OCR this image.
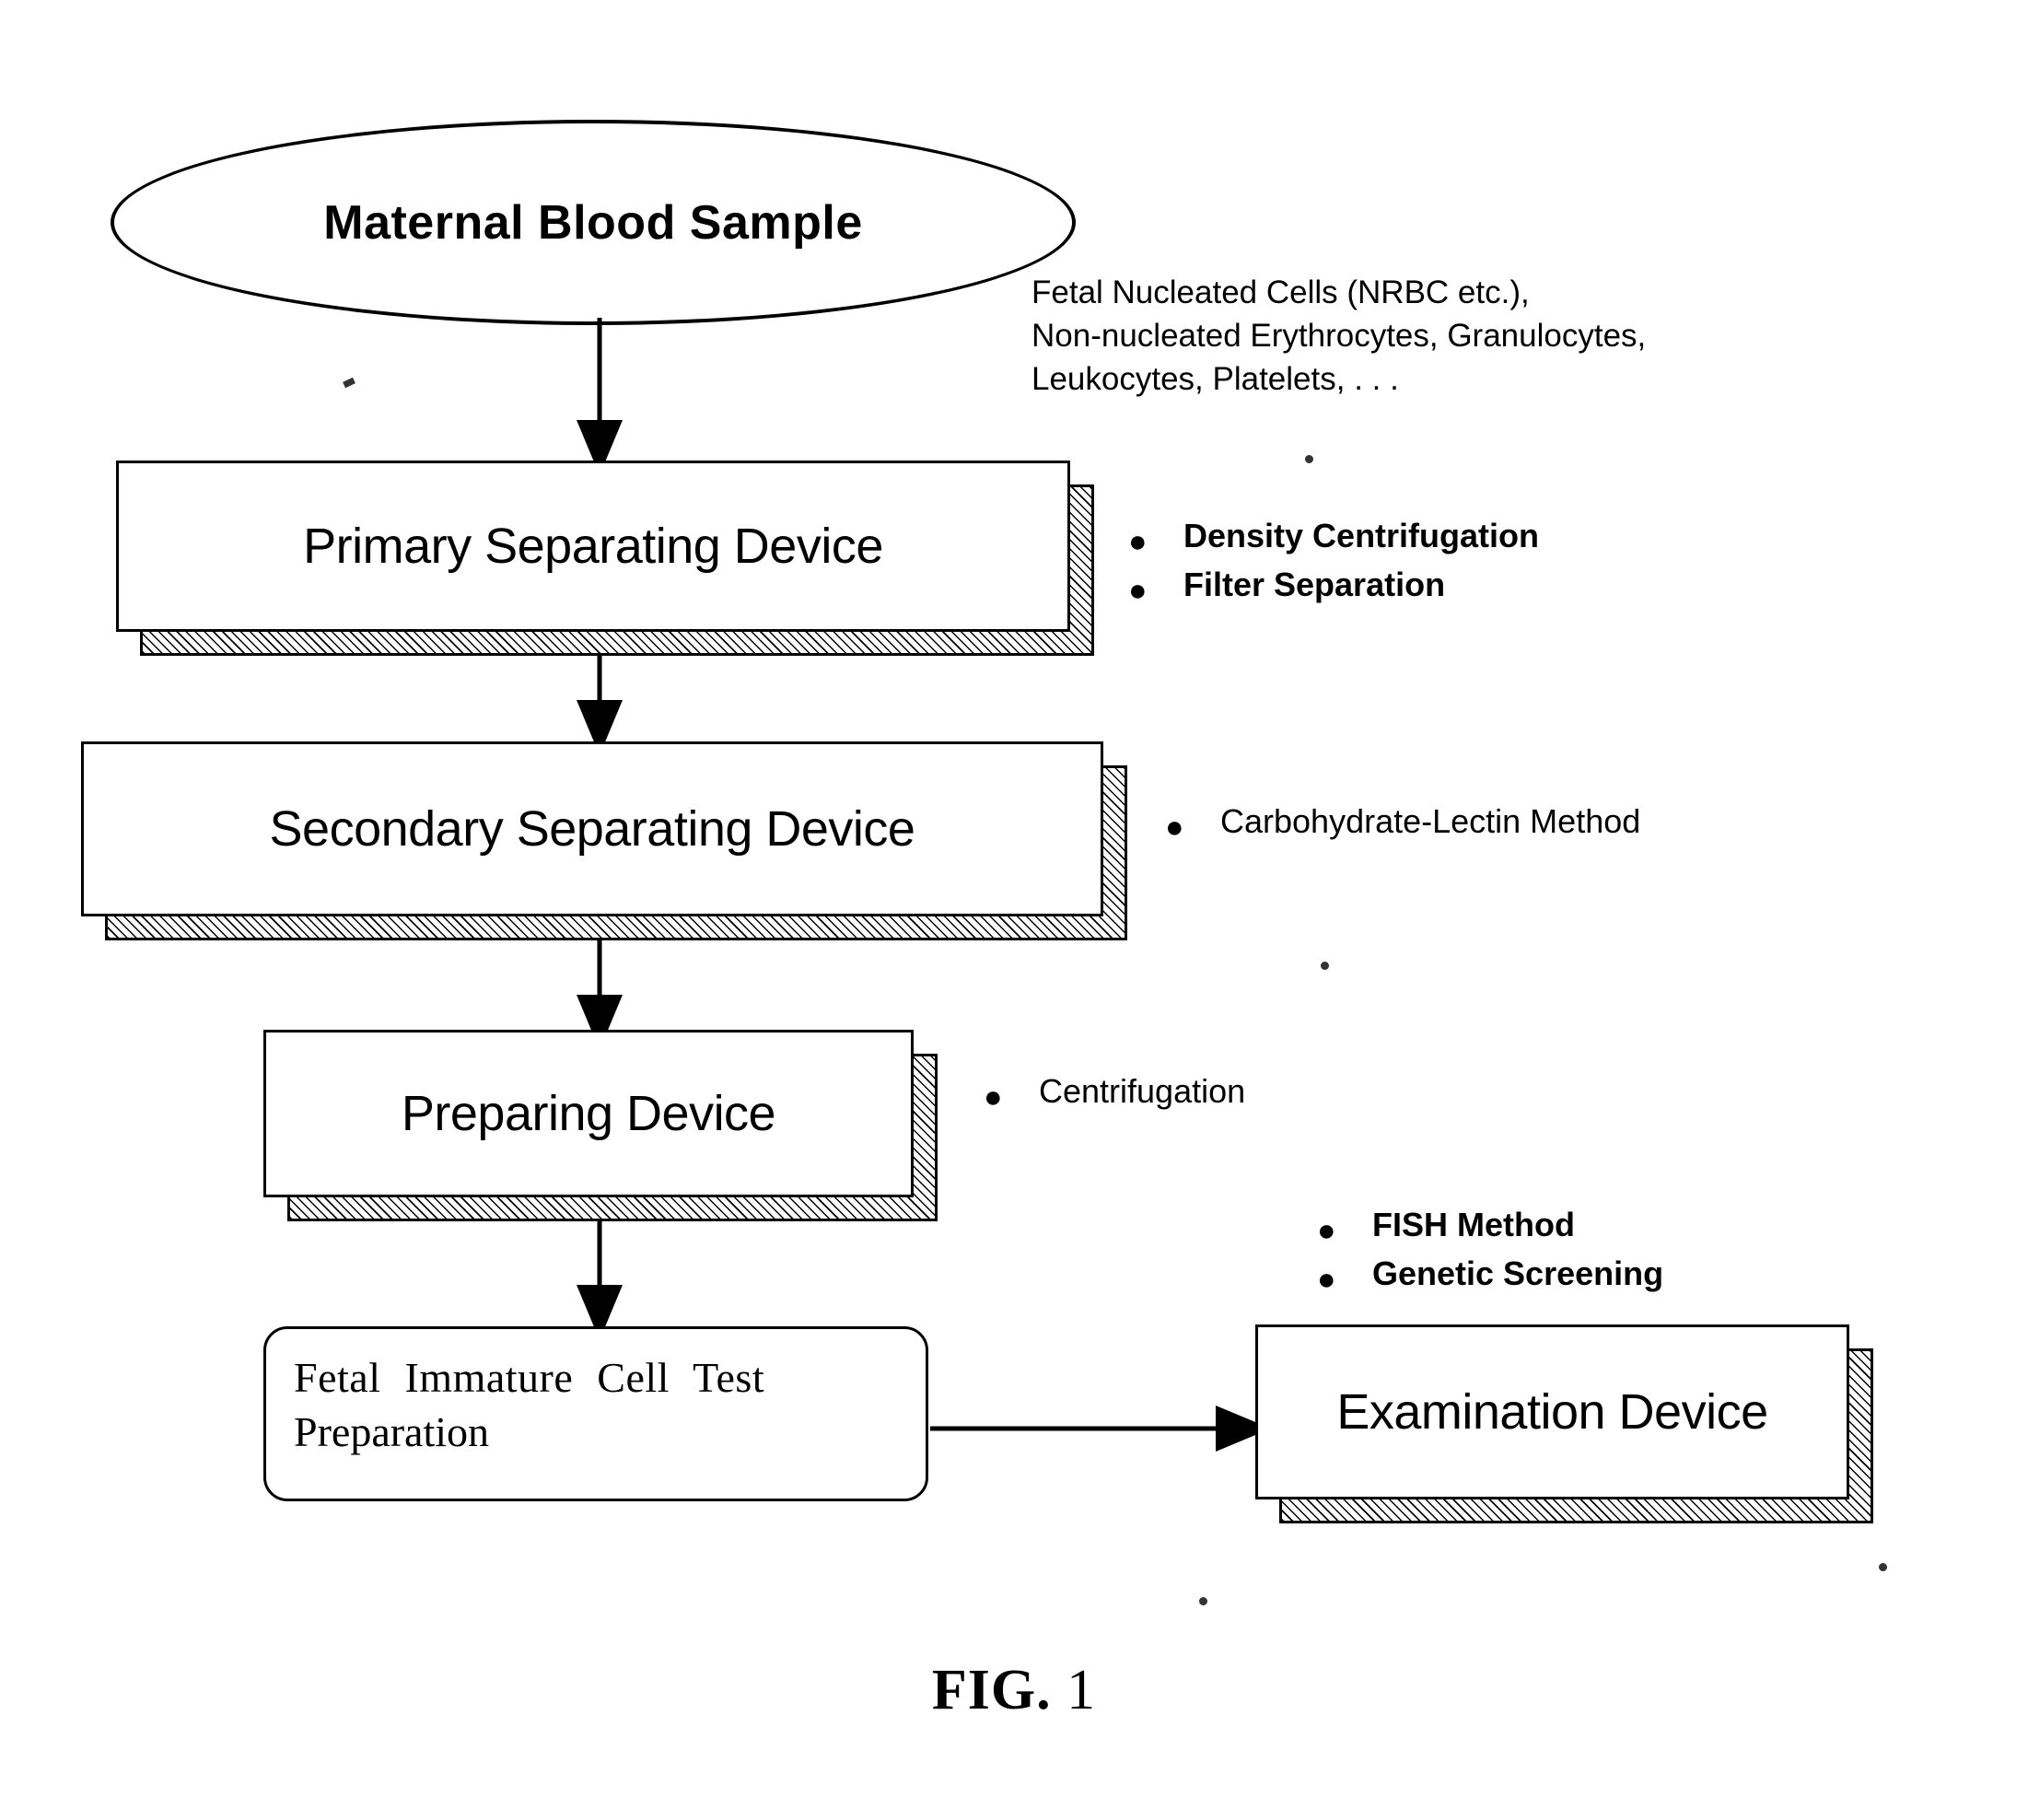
Maternal Blood Sample
Fetal Nucleated Cells (NRBC etc.),
Non-nucleated Erythrocytes, Granulocytes,
Leukocytes, Platelets, . . .
Primary Separating Device	● Density Centrifugation
● Filter Separation
Secondary Separating Device	● Carbohydrate-Lectin Method
Preparing Device	● Centrifugation
● FISH Method
● Genetic Screening
Fetal Immature Cell Test
Preparation	Examination Device
FIG. 1
